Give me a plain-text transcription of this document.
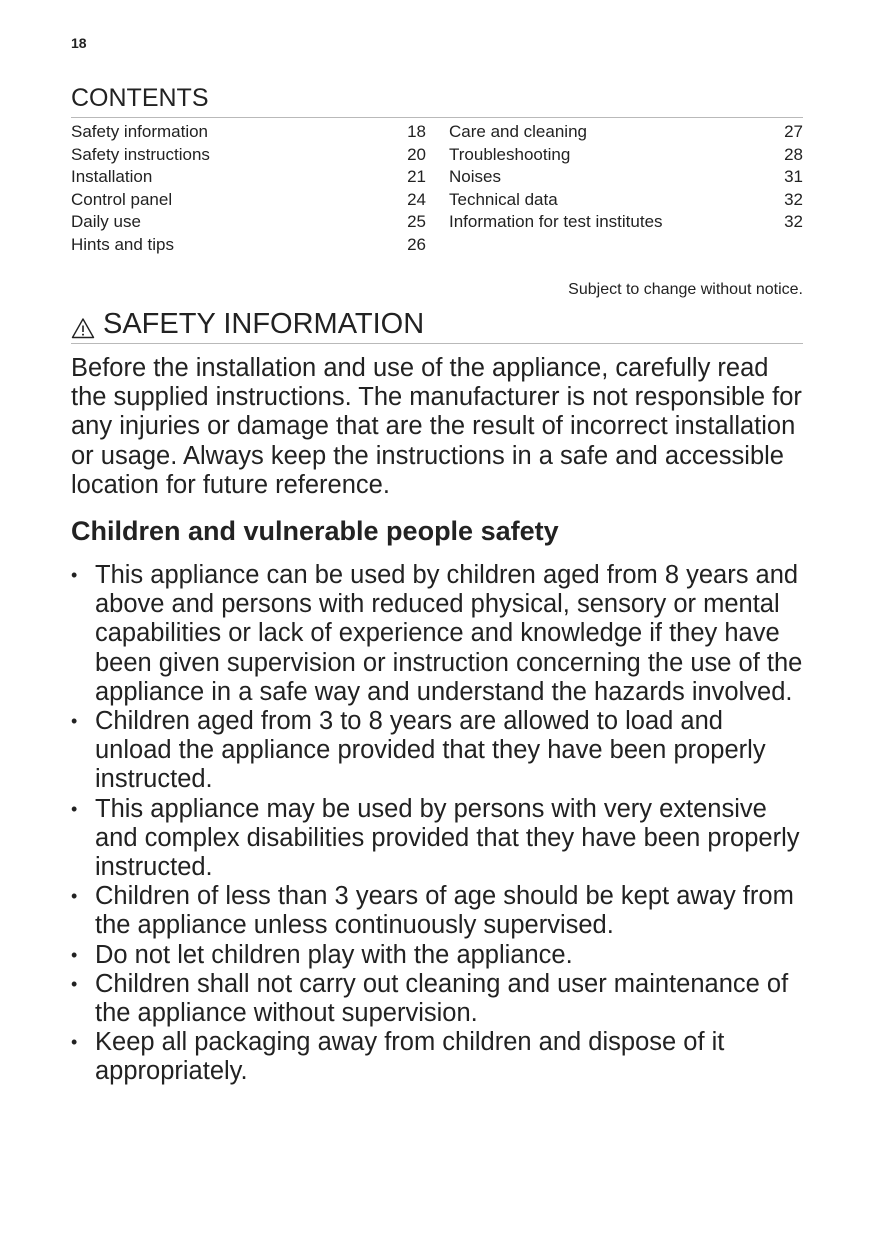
18
CONTENTS
Safety information	18
Safety instructions	20
Installation	21
Control panel	24
Daily use	25
Hints and tips	26
Care and cleaning	27
Troubleshooting	28
Noises	31
Technical data	32
Information for test institutes	32
Subject to change without notice.
SAFETY INFORMATION

Before the installation and use of the appliance, carefully read the supplied instructions. The manufacturer is not responsible for any injuries or damage that are the result of incorrect installation or usage. Always keep the instructions in a safe and accessible location for future reference.

Children and vulnerable people safety
• This appliance can be used by children aged from 8 years and above and persons with reduced physical, sensory or mental capabilities or lack of experience and knowledge if they have been given supervision or instruction concerning the use of the appliance in a safe way and understand the hazards involved.
• Children aged from 3 to 8 years are allowed to load and unload the appliance provided that they have been properly instructed.
• This appliance may be used by persons with very extensive and complex disabilities provided that they have been properly instructed.
• Children of less than 3 years of age should be kept away from the appliance unless continuously supervised.
• Do not let children play with the appliance.
• Children shall not carry out cleaning and user maintenance of the appliance without supervision.
• Keep all packaging away from children and dispose of it appropriately.
